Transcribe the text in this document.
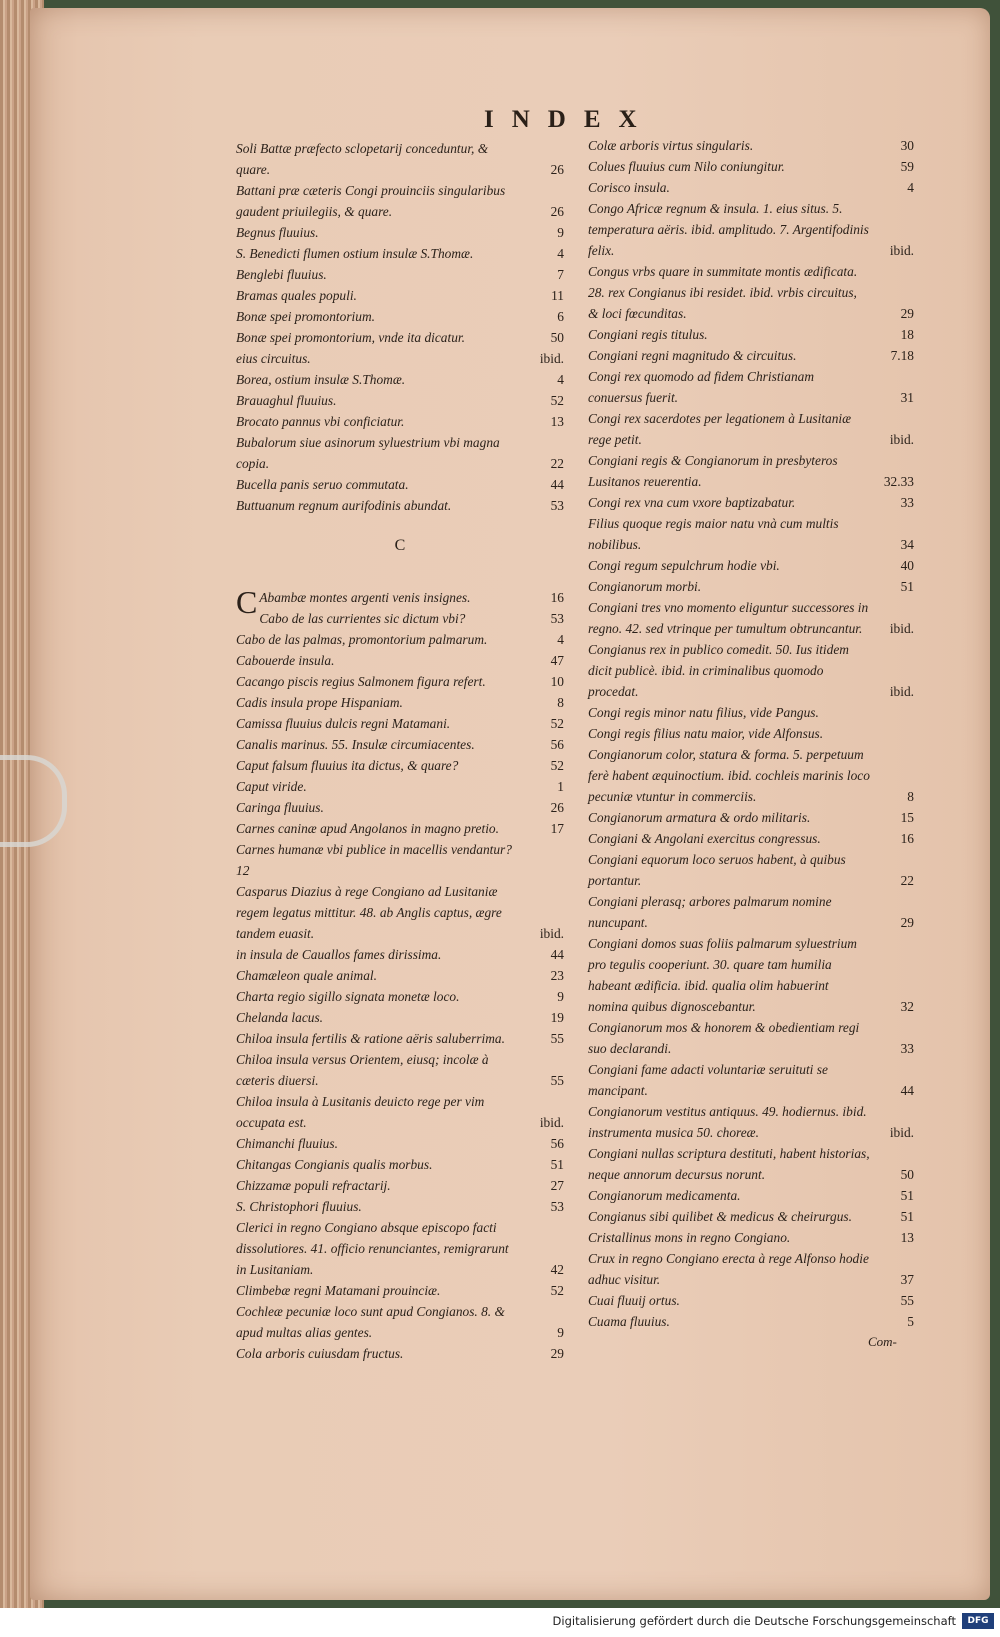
INDEX
Soli Battæ præfecto sclopetarij conceduntur, & quare.	26
Battani præ cæteris Congi prouinciis singularibus gaudent priuilegiis, & quare.	26
Begnus fluuius.	9
S. Benedicti flumen ostium insulæ S.Thomæ.	4
Benglebi fluuius.	7
Bramas quales populi.	11
Bonæ spei promontorium.	6
Bonæ spei promontorium, vnde ita dicatur.	50
eius circuitus.	ibid.
Borea, ostium insulæ S.Thomæ.	4
Brauaghul fluuius.	52
Brocato pannus vbi conficiatur.	13
Bubalorum siue asinorum syluestrium vbi magna copia.	22
Bucella panis seruo commutata.	44
Buttuanum regnum aurifodinis abundat.	53
C
C Abambæ montes argenti venis insignes.	16
Cabo de las currientes sic dictum vbi?	53
Cabo de las palmas, promontorium palmarum.	4
Cabouerde insula.	47
Cacango piscis regius Salmonem figura refert.	10
Cadis insula prope Hispaniam.	8
Camissa fluuius dulcis regni Matamani.	52
Canalis marinus. 55. Insulæ circumiacentes.	56
Caput falsum fluuius ita dictus, & quare?	52
Caput viride.	1
Caringa fluuius.	26
Carnes caninæ apud Angolanos in magno pretio.	17
Carnes humanæ vbi publice in macellis vendantur? 12
Casparus Diazius à rege Congiano ad Lusitaniæ regem legatus mittitur. 48. ab Anglis captus, ægre tandem euasit.	ibid.
in insula de Cauallos fames dirissima.	44
Chamæleon quale animal.	23
Charta regio sigillo signata monetæ loco.	9
Chelanda lacus.	19
Chiloa insula fertilis & ratione aëris saluberrima.	55
Chiloa insula versus Orientem, eiusq; incolæ à cæteris diuersi.	55
Chiloa insula à Lusitanis deuicto rege per vim occupata est.	ibid.
Chimanchi fluuius.	56
Chitangas Congianis qualis morbus.	51
Chizzamæ populi refractarij.	27
S. Christophori fluuius.	53
Clerici in regno Congiano absque episcopo facti dissolutiores. 41. officio renunciantes, remigrarunt in Lusitaniam.	42
Climbebæ regni Matamani prouinciæ.	52
Cochleæ pecuniæ loco sunt apud Congianos. 8. & apud multas alias gentes.	9
Cola arboris cuiusdam fructus.	29
Colæ arboris virtus singularis.	30
Colues fluuius cum Nilo coniungitur.	59
Corisco insula.	4
Congo Africæ regnum & insula. 1. eius situs. 5. temperatura aëris. ibid. amplitudo. 7. Argentifodinis felix.	ibid.
Congus vrbs quare in summitate montis ædificata. 28. rex Congianus ibi residet. ibid. vrbis circuitus, & loci fœcunditas.	29
Congiani regis titulus.	18
Congiani regni magnitudo & circuitus.	7.18
Congi rex quomodo ad fidem Christianam conuersus fuerit.	31
Congi rex sacerdotes per legationem à Lusitaniæ rege petit.	ibid.
Congiani regis & Congianorum in presbyteros Lusitanos reuerentia.	32.33
Congi rex vna cum vxore baptizabatur.	33
Filius quoque regis maior natu vnà cum multis nobilibus.	34
Congi regum sepulchrum hodie vbi.	40
Congianorum morbi.	51
Congiani tres vno momento eliguntur successores in regno. 42. sed vtrinque per tumultum obtruncantur.	ibid.
Congianus rex in publico comedit. 50. Ius itidem dicit publicè. ibid. in criminalibus quomodo procedat.	ibid.
Congi regis minor natu filius, vide Pangus.
Congi regis filius natu maior, vide Alfonsus.
Congianorum color, statura & forma. 5. perpetuum ferè habent æquinoctium. ibid. cochleis marinis loco pecuniæ vtuntur in commerciis.	8
Congianorum armatura & ordo militaris.	15
Congiani & Angolani exercitus congressus.	16
Congiani equorum loco seruos habent, à quibus portantur.	22
Congiani plerasq; arbores palmarum nomine nuncupant.	29
Congiani domos suas foliis palmarum syluestrium pro tegulis cooperiunt. 30. quare tam humilia habeant ædificia. ibid. qualia olim habuerint nomina quibus dignoscebantur.	32
Congianorum mos & honorem & obedientiam regi suo declarandi.	33
Congiani fame adacti voluntariæ seruituti se mancipant.	44
Congianorum vestitus antiquus. 49. hodiernus. ibid. instrumenta musica 50. choreæ.	ibid.
Congiani nullas scriptura destituti, habent historias, neque annorum decursus norunt.	50
Congianorum medicamenta.	51
Congianus sibi quilibet & medicus & cheirurgus.	51
Cristallinus mons in regno Congiano.	13
Crux in regno Congiano erecta à rege Alfonso hodie adhuc visitur.	37
Cuai fluuij ortus.	55
Cuama fluuius.	5
Com-
Digitalisierung gefördert durch die Deutsche Forschungsgemeinschaft	DFG
